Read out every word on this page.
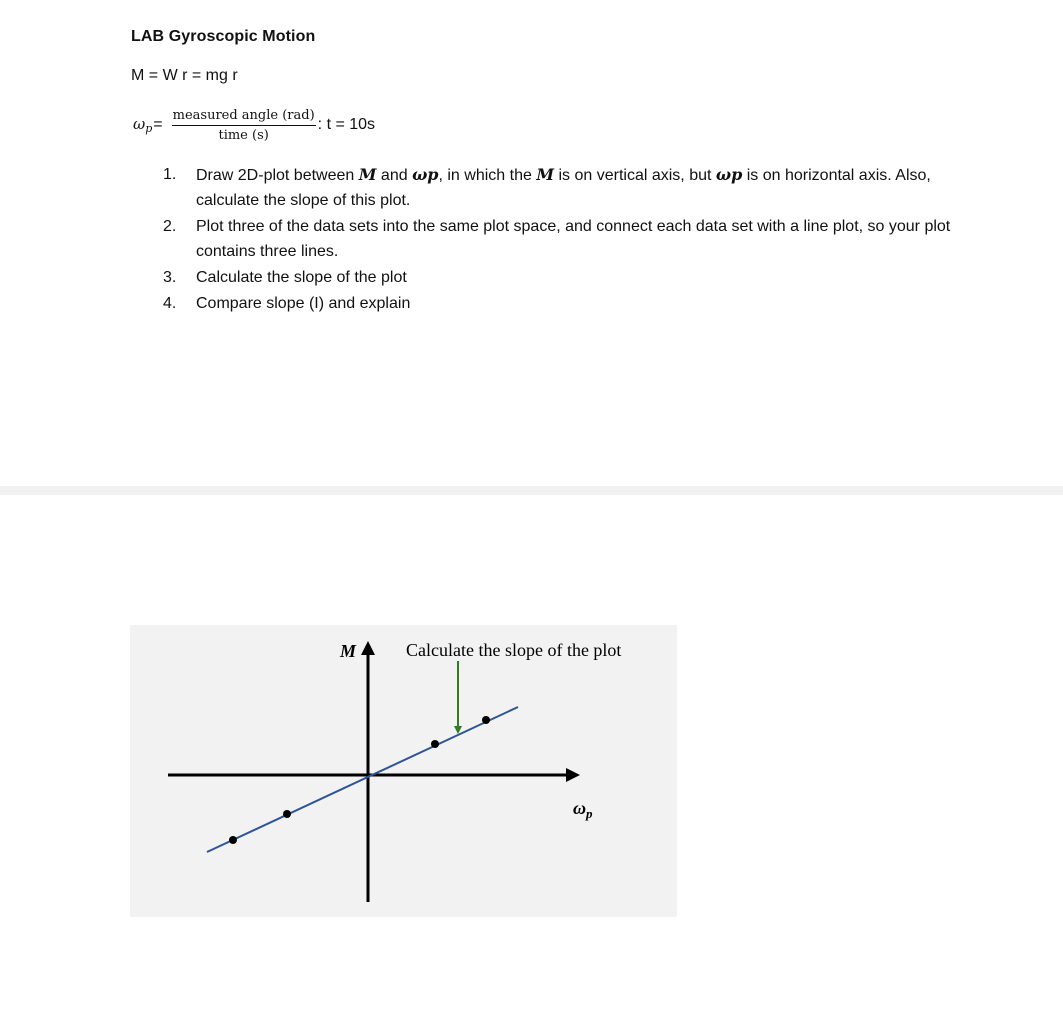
LAB Gyroscopic Motion
M = W r = mg r
$\omega_p = \frac{\text{measured angle (rad)}}{\text{time (s)}}$ : t = 10s
1. Draw 2D-plot between M and ωp, in which the M is on vertical axis, but ωp is on horizontal axis. Also, calculate the slope of this plot.
2. Plot three of the data sets into the same plot space, and connect each data set with a line plot, so your plot contains three lines.
3. Calculate the slope of the plot
4. Compare slope (I) and explain
M	Calculate the slope of the plot
$\omega_p$
